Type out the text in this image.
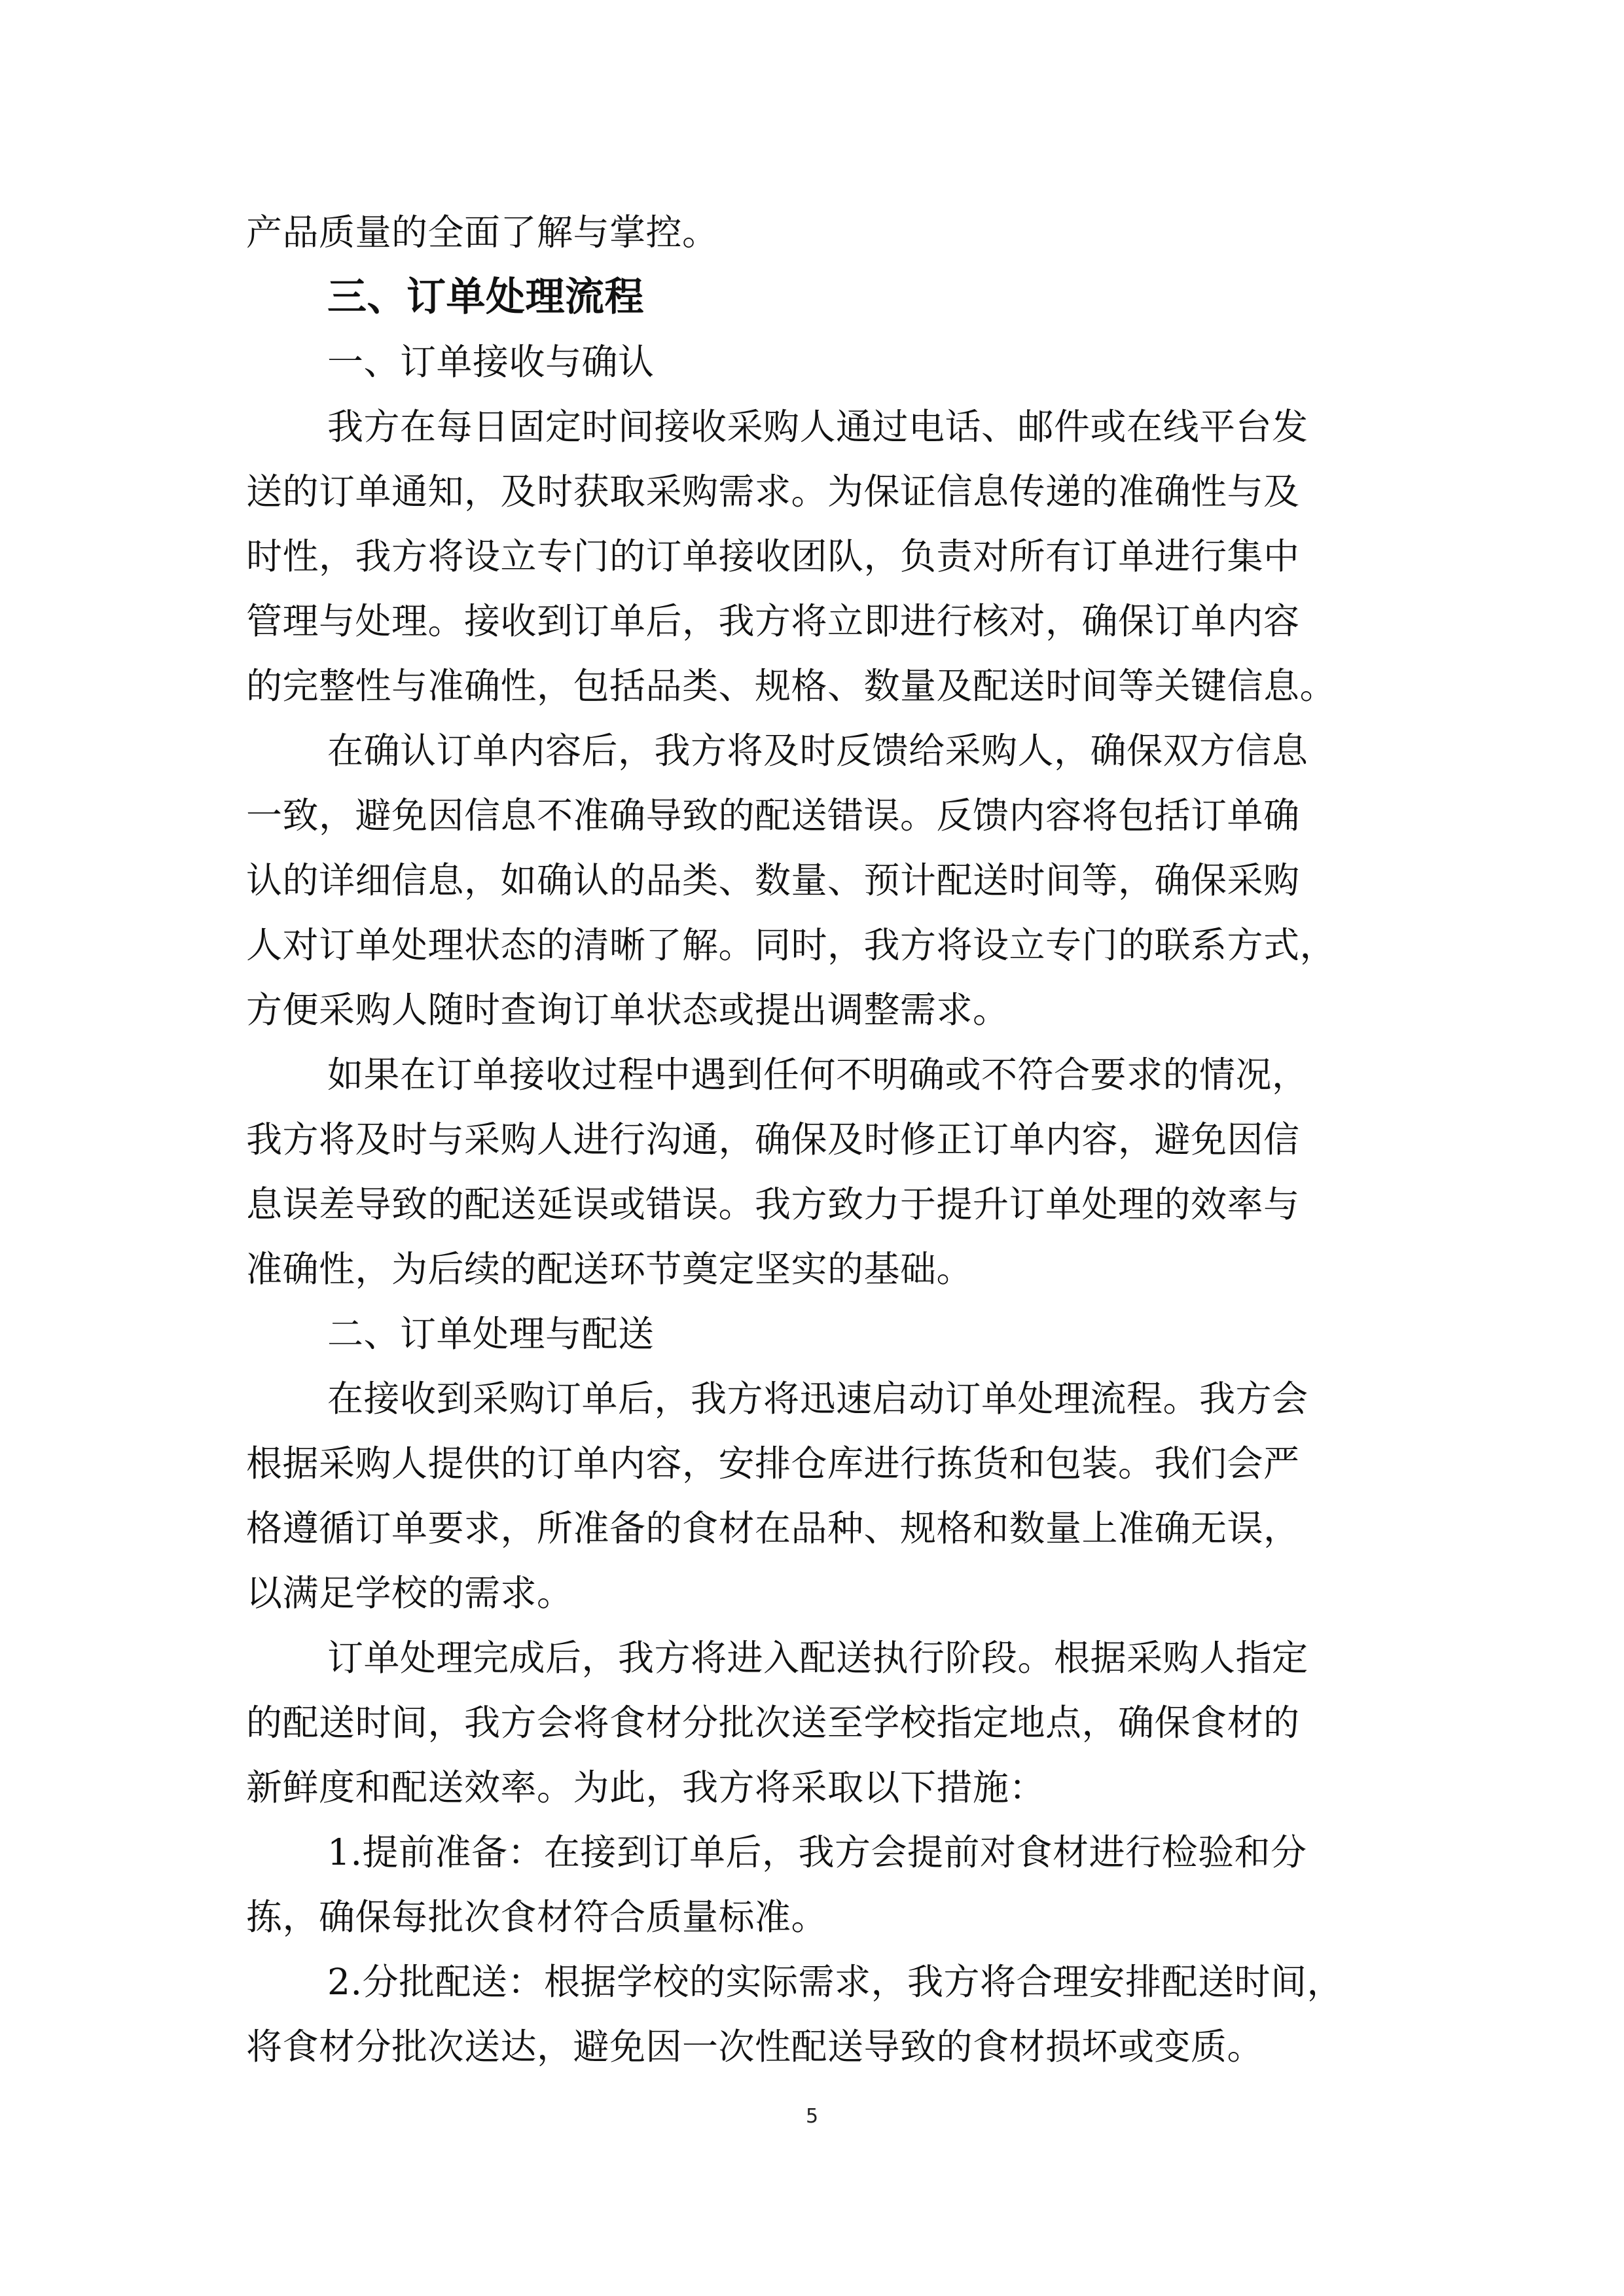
产品质量的全面了解与掌控。
三、订单处理流程
一、订单接收与确认
我方在每日固定时间接收采购人通过电话、邮件或在线平台发
送的订单通知，及时获取采购需求。为保证信息传递的准确性与及
时性，我方将设立专门的订单接收团队，负责对所有订单进行集中
管理与处理。接收到订单后，我方将立即进行核对，确保订单内容
的完整性与准确性，包括品类、规格、数量及配送时间等关键信息。
在确认订单内容后，我方将及时反馈给采购人，确保双方信息
一致，避免因信息不准确导致的配送错误。反馈内容将包括订单确
认的详细信息，如确认的品类、数量、预计配送时间等，确保采购
人对订单处理状态的清晰了解。同时，我方将设立专门的联系方式，
方便采购人随时查询订单状态或提出调整需求。
如果在订单接收过程中遇到任何不明确或不符合要求的情况，
我方将及时与采购人进行沟通，确保及时修正订单内容，避免因信
息误差导致的配送延误或错误。我方致力于提升订单处理的效率与
准确性，为后续的配送环节奠定坚实的基础。
二、订单处理与配送
在接收到采购订单后，我方将迅速启动订单处理流程。我方会
根据采购人提供的订单内容，安排仓库进行拣货和包装。我们会严
格遵循订单要求，所准备的食材在品种、规格和数量上准确无误，
以满足学校的需求。
订单处理完成后，我方将进入配送执行阶段。根据采购人指定
的配送时间，我方会将食材分批次送至学校指定地点，确保食材的
新鲜度和配送效率。为此，我方将采取以下措施：
1.提前准备：在接到订单后，我方会提前对食材进行检验和分
拣，确保每批次食材符合质量标准。
2.分批配送：根据学校的实际需求，我方将合理安排配送时间，
将食材分批次送达，避免因一次性配送导致的食材损坏或变质。
5
